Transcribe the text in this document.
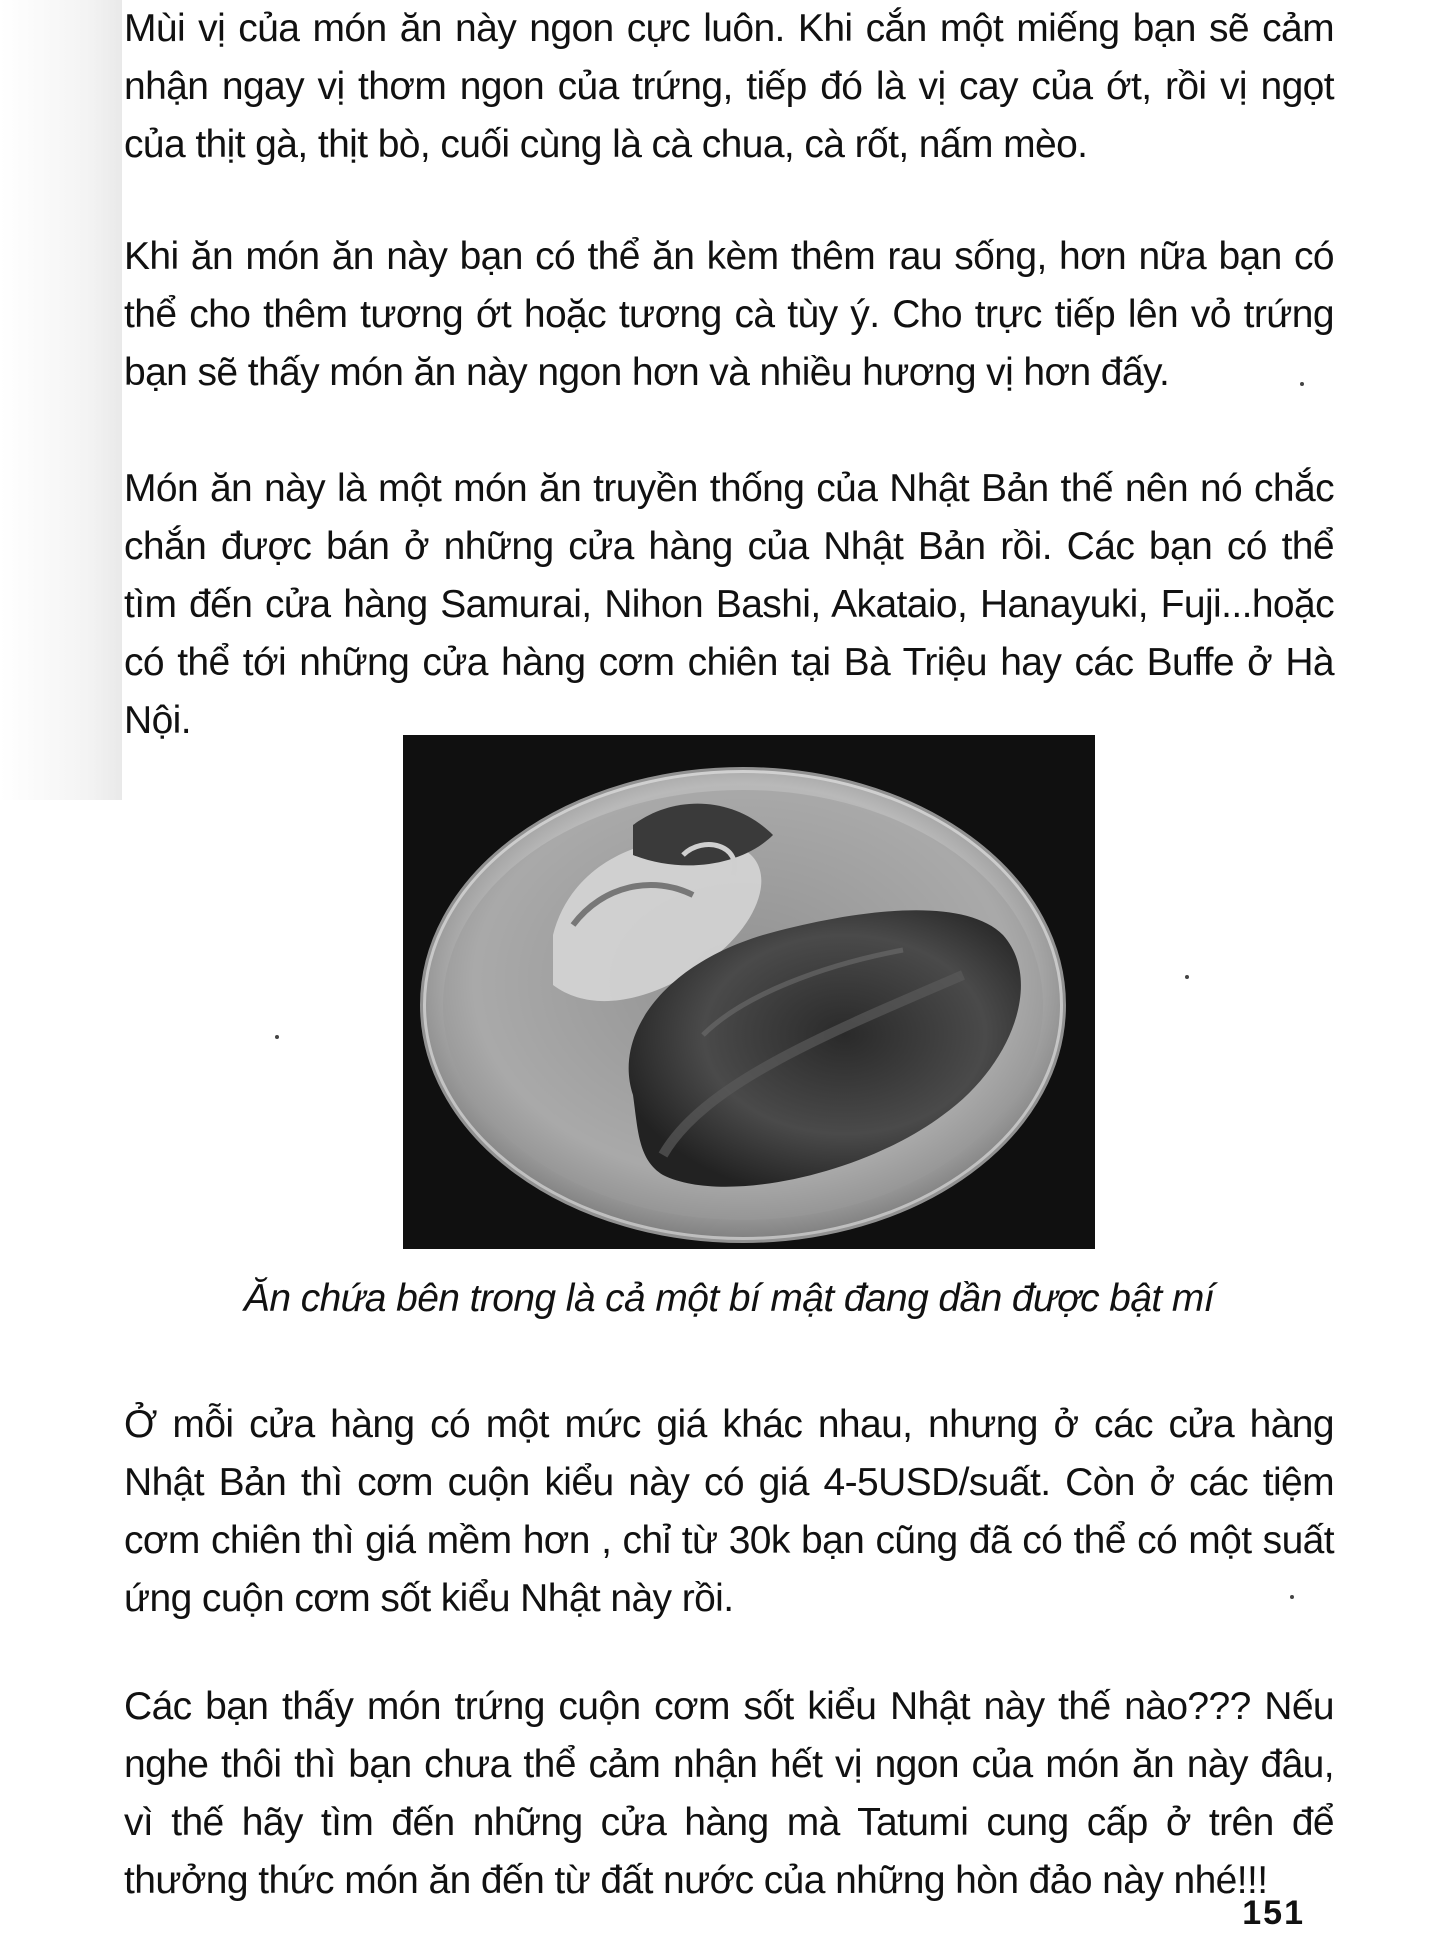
Mùi vị của món ăn này ngon cực luôn. Khi cắn một miếng bạn sẽ cảm nhận ngay vị thơm ngon của trứng, tiếp đó là vị cay của ớt, rồi vị ngọt của thịt gà, thịt bò, cuối cùng là cà chua, cà rốt, nấm mèo.

Khi ăn món ăn này bạn có thể ăn kèm thêm rau sống, hơn nữa bạn có thể cho thêm tương ớt hoặc tương cà tùy ý. Cho trực tiếp lên vỏ trứng bạn sẽ thấy món ăn này ngon hơn và nhiều hương vị hơn đấy.

Món ăn này là một món ăn truyền thống của Nhật Bản thế nên nó chắc chắn được bán ở những cửa hàng của Nhật Bản rồi. Các bạn có thể tìm đến cửa hàng Samurai, Nihon Bashi, Akataio, Hanayuki, Fuji...hoặc có thể tới những cửa hàng cơm chiên tại Bà Triệu hay các Buffe ở Hà Nội.

Ăn chứa bên trong là cả một bí mật đang dần được bật mí

Ở mỗi cửa hàng có một mức giá khác nhau, nhưng ở các cửa hàng Nhật Bản thì cơm cuộn kiểu này có giá 4-5USD/suất. Còn ở các tiệm cơm chiên thì giá mềm hơn , chỉ từ 30k bạn cũng đã có thể có một suất ứng cuộn cơm sốt kiểu Nhật này rồi.

Các bạn thấy món trứng cuộn cơm sốt kiểu Nhật này thế nào??? Nếu nghe thôi thì bạn chưa thể cảm nhận hết vị ngon của món ăn này đâu, vì thế hãy tìm đến những cửa hàng mà Tatumi cung cấp ở trên để thưởng thức món ăn đến từ đất nước của những hòn đảo này nhé!!!

151
